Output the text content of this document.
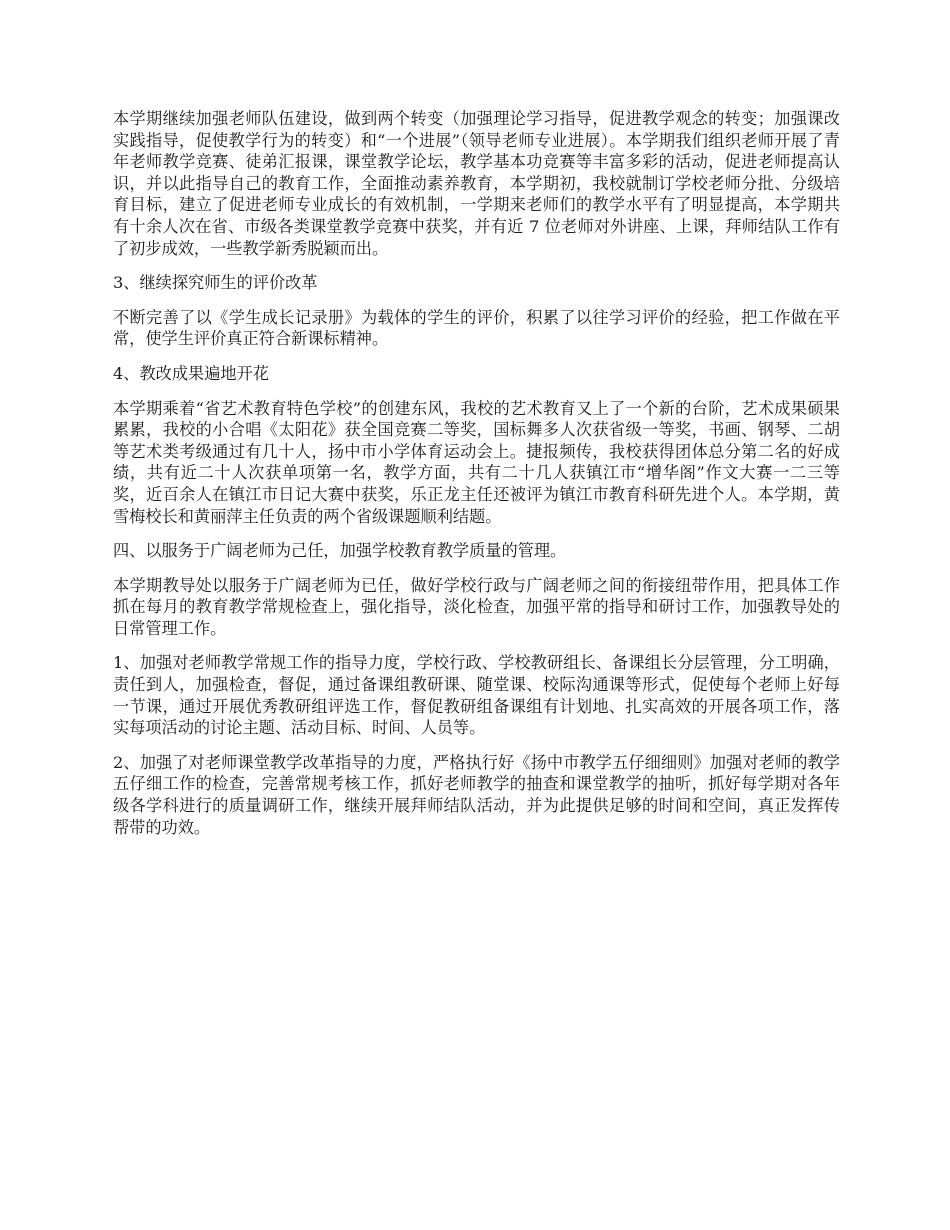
本学期继续加强老师队伍建设，做到两个转变（加强理论学习指导，促进教学观念的转变；加强课改实践指导，促使教学行为的转变）和“一个进展”（领导老师专业进展）。本学期我们组织老师开展了青年老师教学竞赛、徒弟汇报课，课堂教学论坛，教学基本功竞赛等丰富多彩的活动，促进老师提高认识，并以此指导自己的教育工作，全面推动素养教育，本学期初，我校就制订学校老师分批、分级培育目标，建立了促进老师专业成长的有效机制，一学期来老师们的教学水平有了明显提高，本学期共有十余人次在省、市级各类课堂教学竞赛中获奖，并有近 7 位老师对外讲座、上课，拜师结队工作有了初步成效，一些教学新秀脱颖而出。

3、继续探究师生的评价改革

不断完善了以《学生成长记录册》为载体的学生的评价，积累了以往学习评价的经验，把工作做在平常，使学生评价真正符合新课标精神。

4、教改成果遍地开花

本学期乘着“省艺术教育特色学校”的创建东风，我校的艺术教育又上了一个新的台阶，艺术成果硕果累累，我校的小合唱《太阳花》获全国竞赛二等奖，国标舞多人次获省级一等奖，书画、钢琴、二胡等艺术类考级通过有几十人，扬中市小学体育运动会上。捷报频传，我校获得团体总分第二名的好成绩，共有近二十人次获单项第一名，教学方面，共有二十几人获镇江市“增华阁”作文大赛一二三等奖，近百余人在镇江市日记大赛中获奖，乐正龙主任还被评为镇江市教育科研先进个人。本学期，黄雪梅校长和黄丽萍主任负责的两个省级课题顺利结题。

四、以服务于广阔老师为己任，加强学校教育教学质量的管理。

本学期教导处以服务于广阔老师为已任，做好学校行政与广阔老师之间的衔接纽带作用，把具体工作抓在每月的教育教学常规检查上，强化指导，淡化检查，加强平常的指导和研讨工作，加强教导处的日常管理工作。

1、加强对老师教学常规工作的指导力度，学校行政、学校教研组长、备课组长分层管理，分工明确，责任到人，加强检查，督促，通过备课组教研课、随堂课、校际沟通课等形式，促使每个老师上好每一节课，通过开展优秀教研组评选工作，督促教研组备课组有计划地、扎实高效的开展各项工作，落实每项活动的讨论主题、活动目标、时间、人员等。

2、加强了对老师课堂教学改革指导的力度，严格执行好《扬中市教学五仔细细则》加强对老师的教学五仔细工作的检查，完善常规考核工作，抓好老师教学的抽查和课堂教学的抽听，抓好每学期对各年级各学科进行的质量调研工作，继续开展拜师结队活动，并为此提供足够的时间和空间，真正发挥传帮带的功效。
